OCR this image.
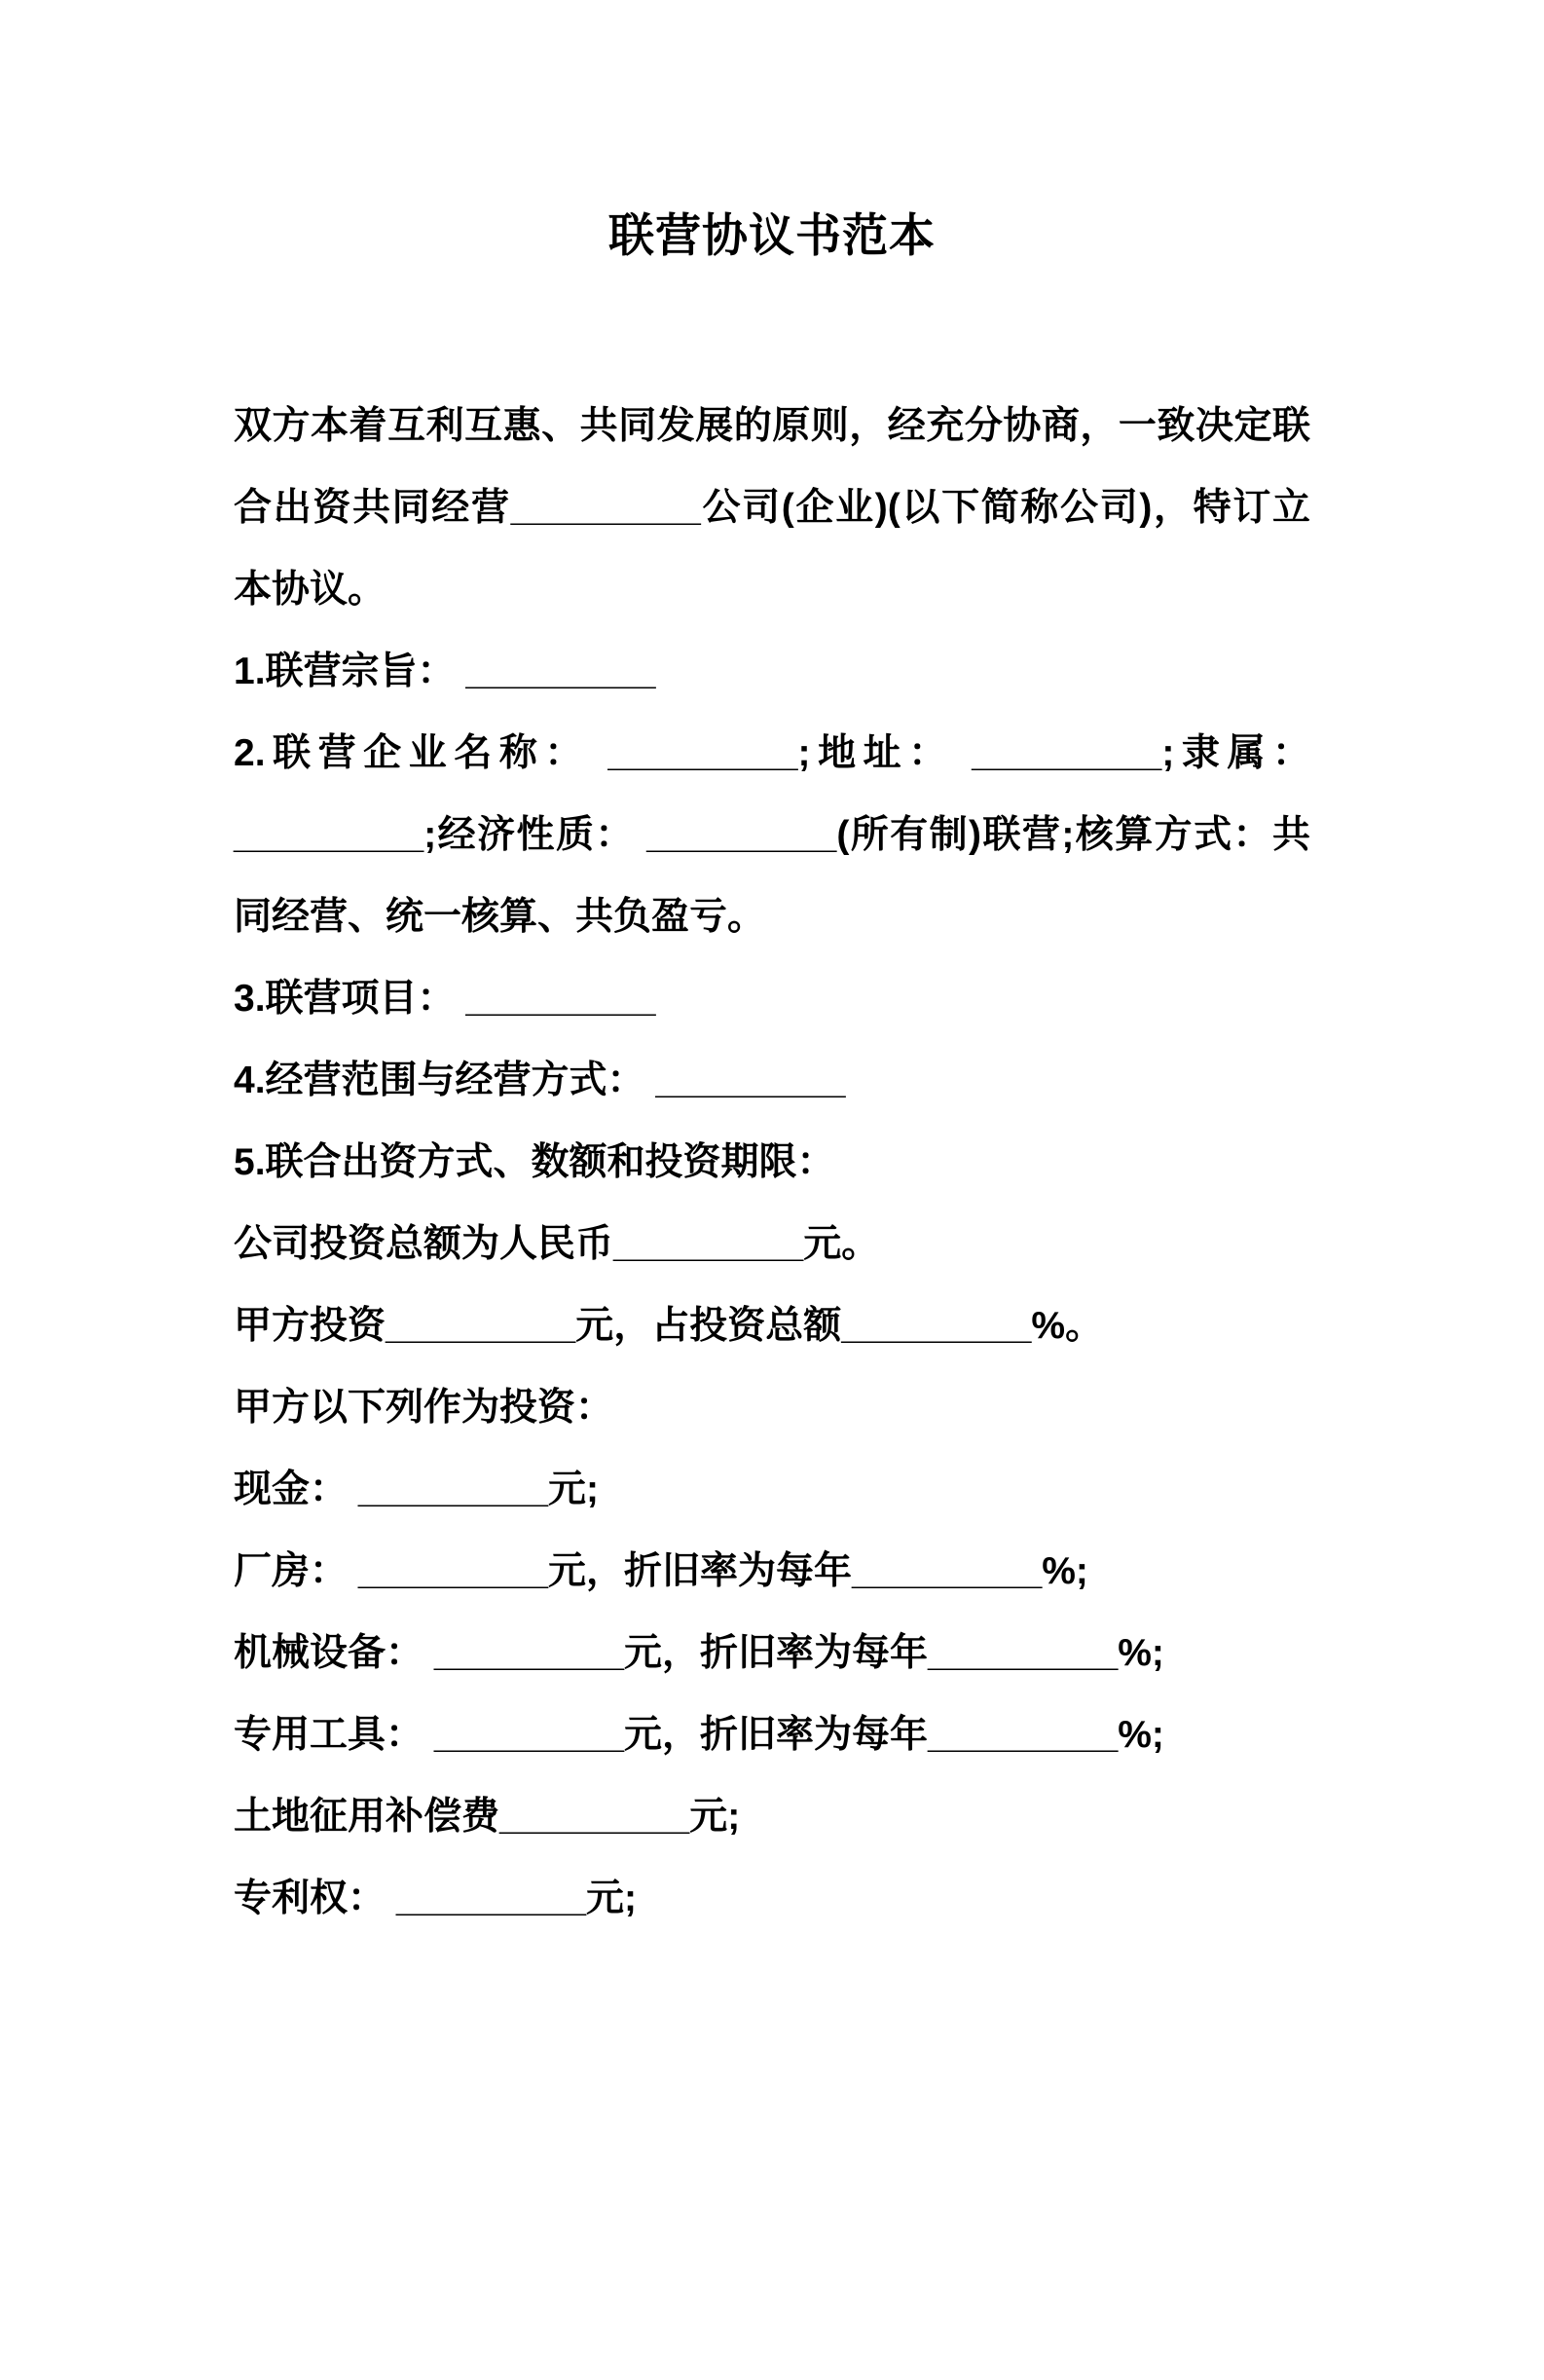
联营协议书范本
双方本着互利互惠、共同发展的原则，经充分协商，一致决定联
合出资共同经营_________公司(企业)(以下简称公司)，特订立
本协议。
1.联营宗旨： _________
2.联营企业名称： _________;地址： _________;隶属：
_________;经济性质： _________(所有制)联营;核算方式：共
同经营、统一核算、共负盈亏。
3.联营项目： _________
4.经营范围与经营方式： _________
5.联合出资方式、数额和投资期限：
公司投资总额为人民币_________元。
甲方投资_________元，占投资总额_________%。
甲方以下列作为投资：
现金： _________元;
厂房： _________元，折旧率为每年_________%;
机械设备： _________元，折旧率为每年_________%;
专用工具： _________元，折旧率为每年_________%;
土地征用补偿费_________元;
专利权： _________元;
